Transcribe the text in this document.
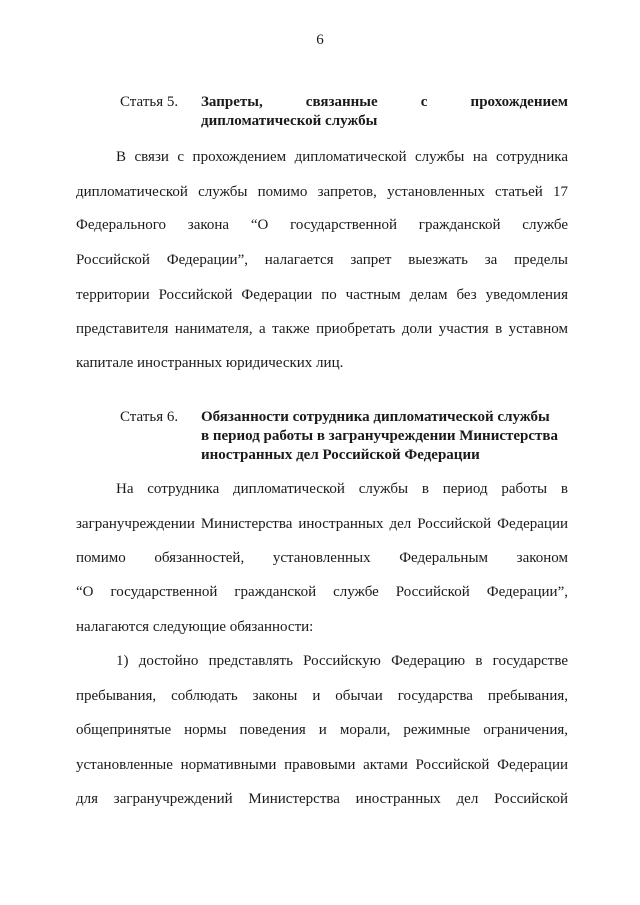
6
Статья 5.	Запреты, связанные с прохождением
дипломатической службы
В связи с прохождением дипломатической службы на сотрудника
дипломатической службы помимо запретов, установленных статьей 17
Федерального закона “О государственной гражданской службе
Российской Федерации”, налагается запрет выезжать за пределы
территории Российской Федерации по частным делам без уведомления
представителя нанимателя, а также приобретать доли участия в уставном
капитале иностранных юридических лиц.
Статья 6.	Обязанности сотрудника дипломатической службы
в период работы в загранучреждении Министерства
иностранных дел Российской Федерации
На сотрудника дипломатической службы в период работы в
загранучреждении Министерства иностранных дел Российской Федерации
помимо обязанностей, установленных Федеральным законом
“О государственной гражданской службе Российской Федерации”,
налагаются следующие обязанности:
1) достойно представлять Российскую Федерацию в государстве
пребывания, соблюдать законы и обычаи государства пребывания,
общепринятые нормы поведения и морали, режимные ограничения,
установленные нормативными правовыми актами Российской Федерации
для загранучреждений Министерства иностранных дел Российской
